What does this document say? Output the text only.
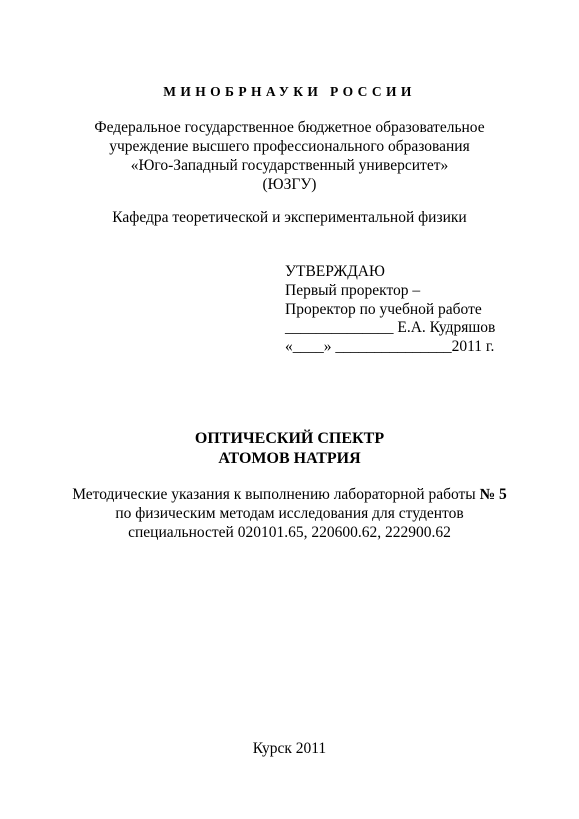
МИНОБРНАУКИ РОССИИ
Федеральное государственное бюджетное образовательное
учреждение высшего профессионального образования
«Юго-Западный государственный университет»
(ЮЗГУ)
Кафедра теоретической и экспериментальной физики
УТВЕРЖДАЮ
Первый проректор –
Проректор по учебной работе
______________ Е.А. Кудряшов
«____» _______________2011 г.
ОПТИЧЕСКИЙ СПЕКТР
АТОМОВ НАТРИЯ
Методические указания к выполнению лабораторной работы № 5
по физическим методам исследования для студентов
специальностей 020101.65, 220600.62, 222900.62
Курск 2011
